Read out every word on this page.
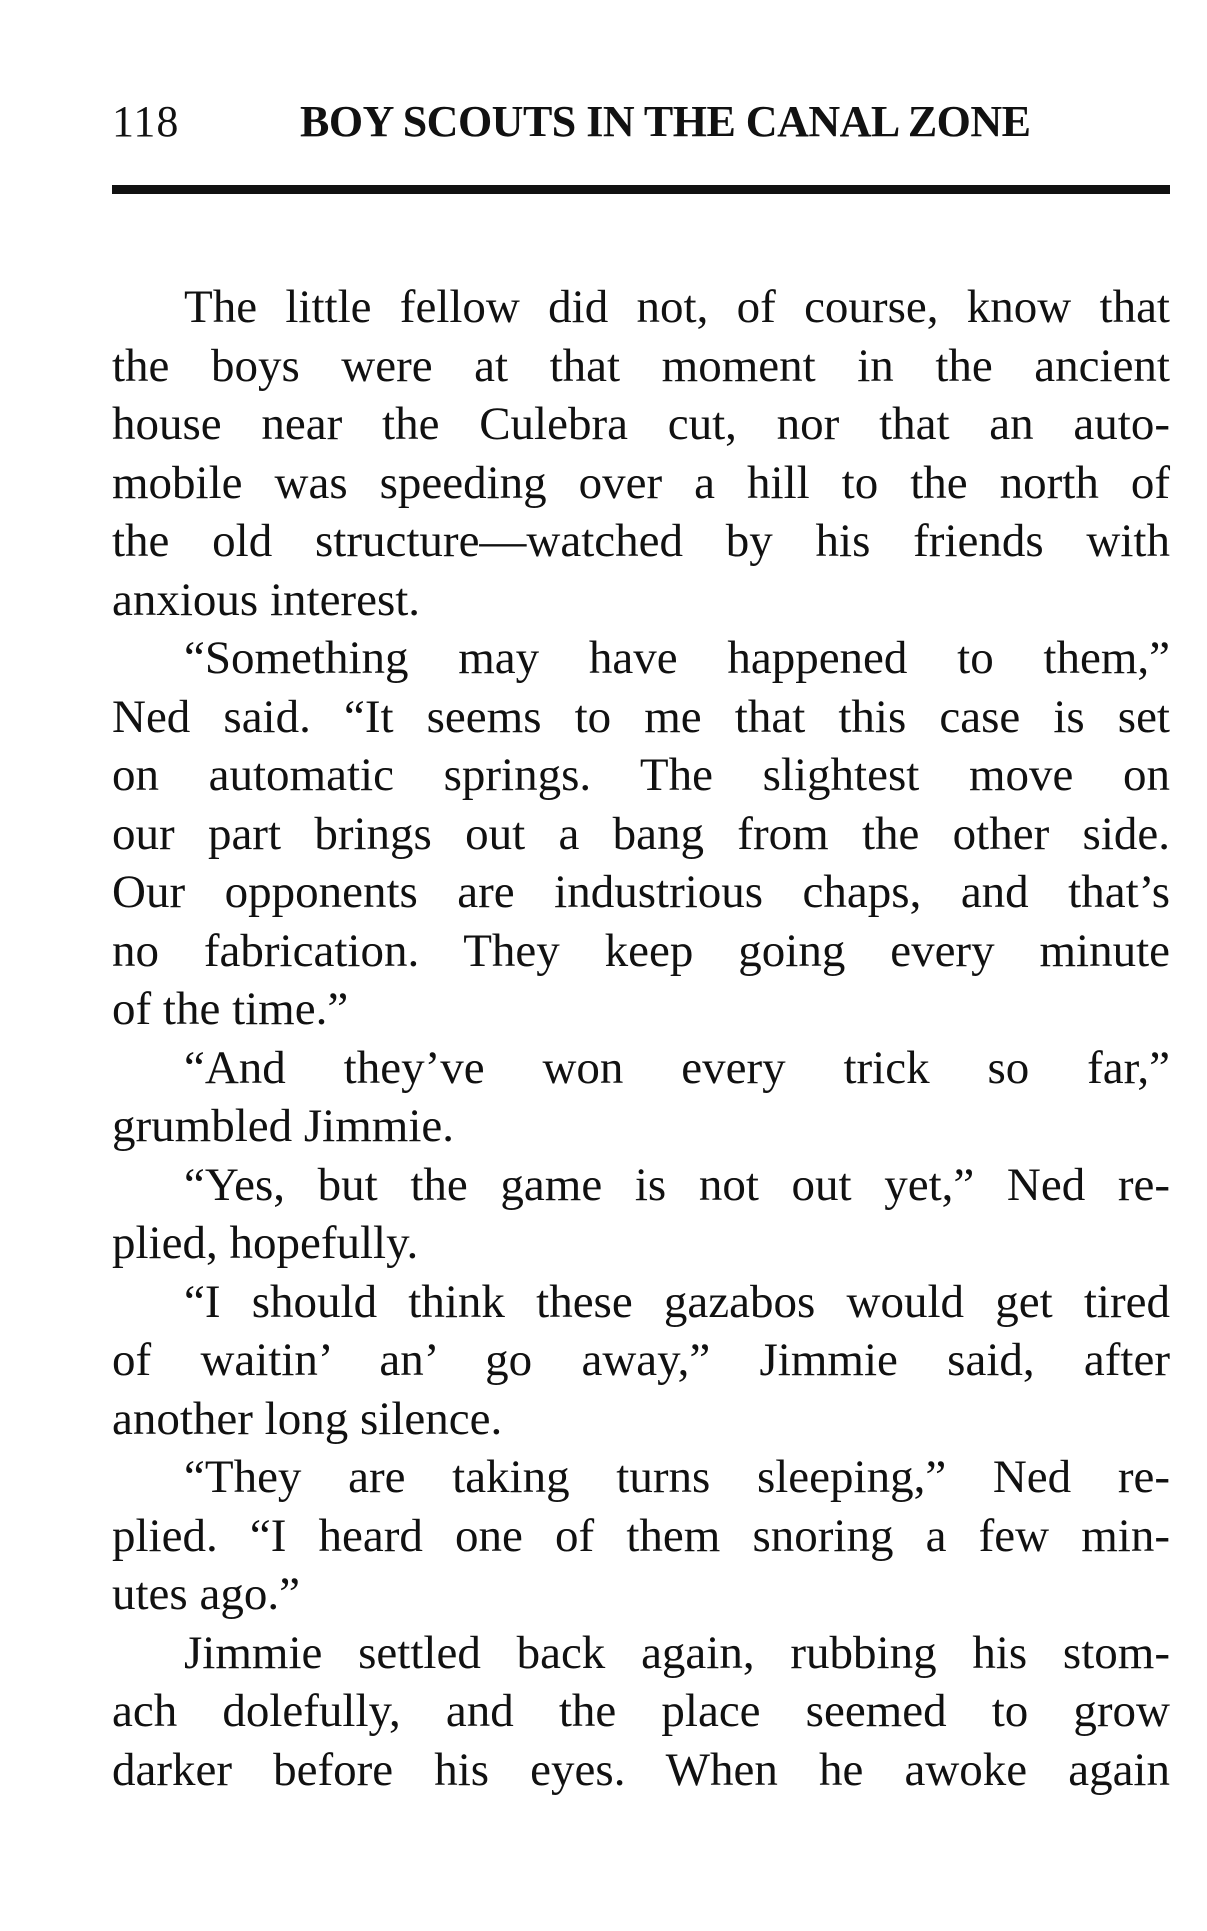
118	BOY SCOUTS IN THE CANAL ZONE
The little fellow did not, of course, know that
the boys were at that moment in the ancient
house near the Culebra cut, nor that an auto-
mobile was speeding over a hill to the north of
the old structure—watched by his friends with
anxious interest.
“Something may have happened to them,”
Ned said. “It seems to me that this case is set
on automatic springs. The slightest move on
our part brings out a bang from the other side.
Our opponents are industrious chaps, and that’s
no fabrication. They keep going every minute
of the time.”
“And they’ve won every trick so far,”
grumbled Jimmie.
“Yes, but the game is not out yet,” Ned re-
plied, hopefully.
“I should think these gazabos would get tired
of waitin’ an’ go away,” Jimmie said, after
another long silence.
“They are taking turns sleeping,” Ned re-
plied. “I heard one of them snoring a few min-
utes ago.”
Jimmie settled back again, rubbing his stom-
ach dolefully, and the place seemed to grow
darker before his eyes. When he awoke again
